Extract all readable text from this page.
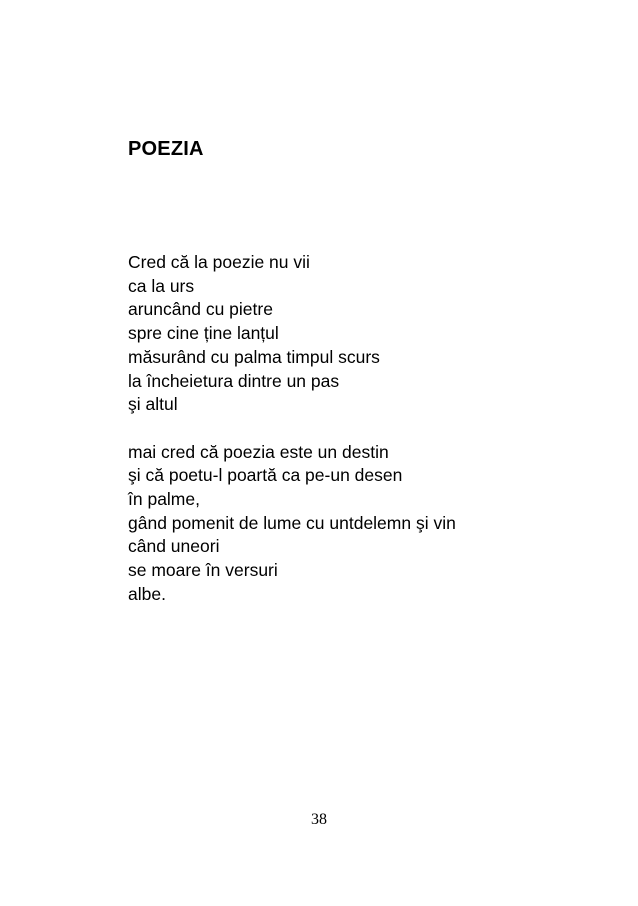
POEZIA

Cred că la poezie nu vii
ca la urs
aruncând cu pietre
spre cine ține lanțul
măsurând cu palma timpul scurs
la încheietura dintre un pas
şi altul

mai cred că poezia este un destin
şi că poetu-l poartă ca pe-un desen
în palme,
gând pomenit de lume cu untdelemn şi vin
când uneori
se moare în versuri
albe.

38
